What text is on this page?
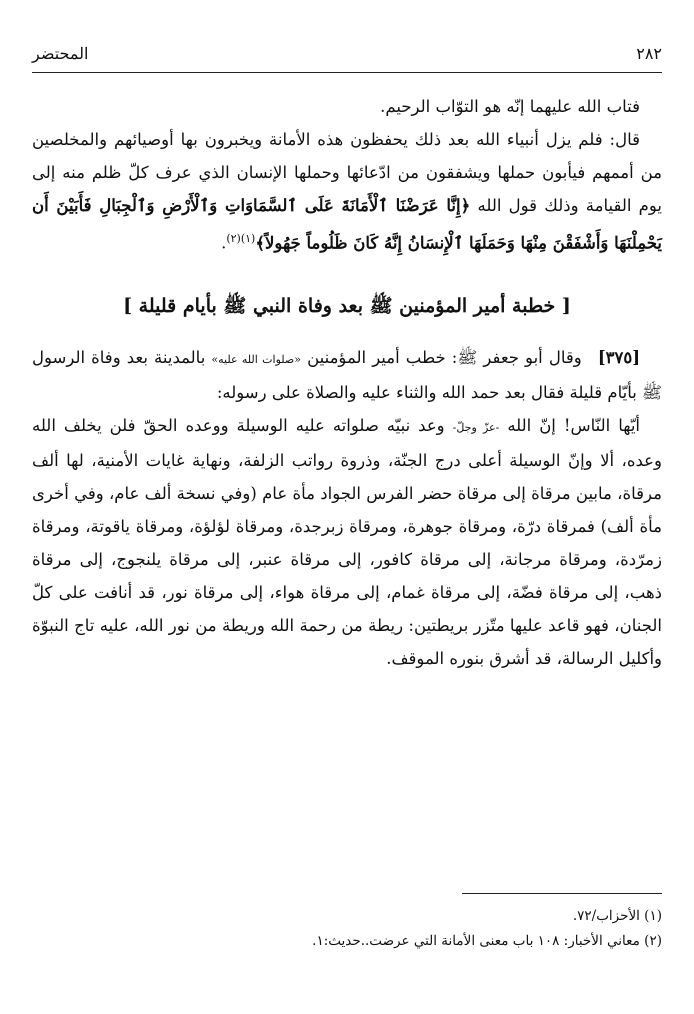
٢٨٢
المحتضر

فتاب الله عليهما إنّه هو التوّاب الرحيم.

قال: فلم يزل أنبياء الله بعد ذلك يحفظون هذه الأمانة ويخبرون بها أوصيائهم والمخلصين من أممهم فيأبون حملها ويشفقون من ادّعائها وحملها الإنسان الذي عرف كلّ ظلم منه إلى يوم القيامة وذلك قول الله ﴿إِنَّا عَرَضْنَا ٱلْأَمَانَةَ عَلَى ٱلسَّمَاوَاتِ وَٱلْأَرْضِ وَٱلْجِبَالِ فَأَبَيْنَ أَن يَحْمِلْنَهَا وَأَشْفَقْنَ مِنْهَا وَحَمَلَهَا ٱلْإِنسَانُ إِنَّهُ كَانَ ظَلُوماً جَهُولاً﴾$^{(١)(٢)}$.

[ خطبة أمير المؤمنين ﷺ بعد وفاة النبي ﷺ بأيام قليلة ]

[٣٧٥] وقال أبو جعفر ﷺ: خطب أمير المؤمنين «صلوات الله عليه» بالمدينة بعد وفاة الرسول ﷺ بأيّام قليلة فقال بعد حمد الله والثناء عليه والصلاة على رسوله:

أيّها النّاس! إنّ الله -عزّ وجلّ- وعد نبيّه صلواته عليه الوسيلة ووعده الحقّ فلن يخلف الله وعده، ألا وإنّ الوسيلة أعلى درج الجنّة، وذروة رواتب الزلفة، ونهاية غايات الأمنية، لها ألف مرقاة، مابين مرقاة إلى مرقاة حضر الفرس الجواد مأة عام (وفي نسخة ألف عام، وفي أخرى مأة ألف) فمرقاة درّة، ومرقاة جوهرة، ومرقاة زبرجدة، ومرقاة لؤلؤة، ومرقاة ياقوتة، ومرقاة زمرّدة، ومرقاة مرجانة، إلى مرقاة كافور، إلى مرقاة عنبر، إلى مرقاة يلنجوج، إلى مرقاة ذهب، إلى مرقاة فضّة، إلى مرقاة غمام، إلى مرقاة هواء، إلى مرقاة نور، قد أنافت على كلّ الجنان، فهو قاعد عليها متّزر بريطتين: ريطة من رحمة الله وريطة من نور الله، عليه تاج النبوّة وأكليل الرسالة، قد أشرق بنوره الموقف.

(١) الأحزاب/٧٢.

(٢) معاني الأخبار: ١٠٨ باب معنى الأمانة التي عرضت..حديث:١.
